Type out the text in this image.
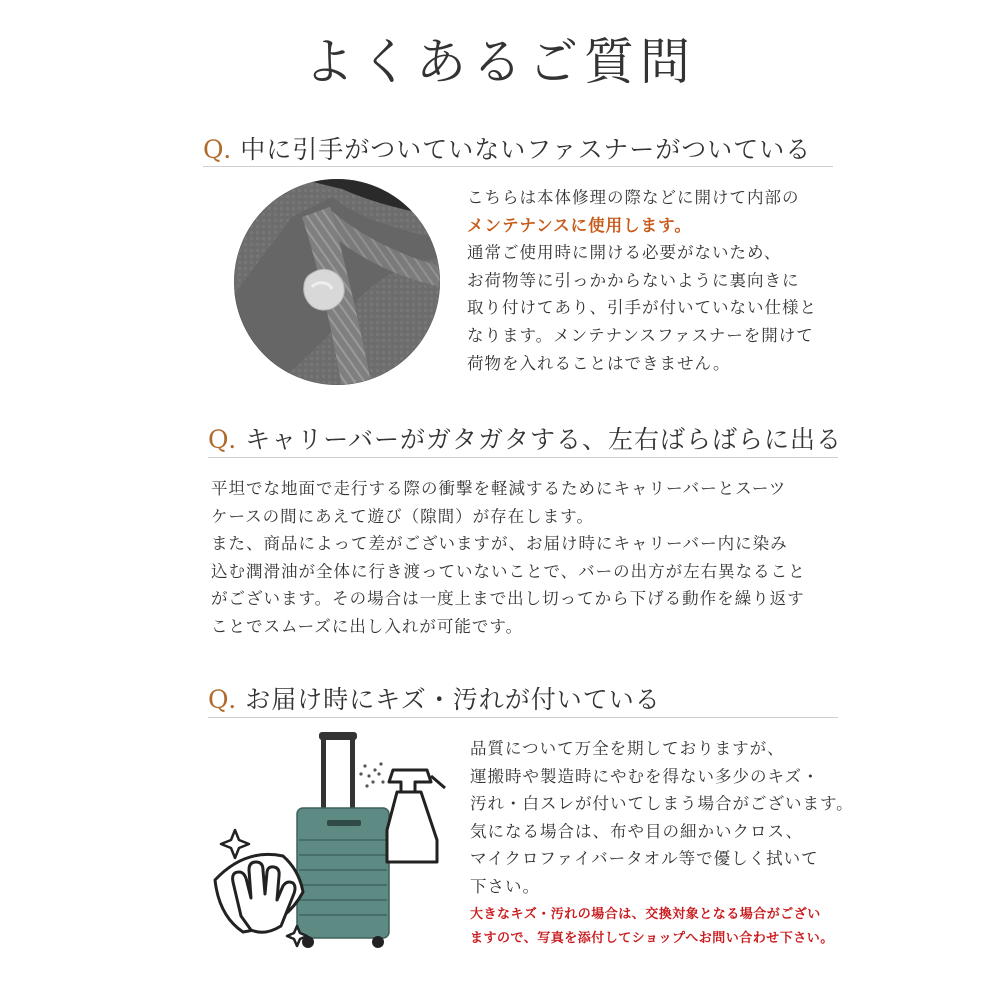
よくあるご質問
Q. 中に引手がついていないファスナーがついている
こちらは本体修理の際などに開けて内部の
メンテナンスに使用します。
通常ご使用時に開ける必要がないため、
お荷物等に引っかからないように裏向きに
取り付けてあり、引手が付いていない仕様と
なります。メンテナンスファスナーを開けて
荷物を入れることはできません。
Q. キャリーバーがガタガタする、左右ばらばらに出る
平坦でな地面で走行する際の衝撃を軽減するためにキャリーバーとスーツ
ケースの間にあえて遊び（隙間）が存在します。
また、商品によって差がございますが、お届け時にキャリーバー内に染み
込む潤滑油が全体に行き渡っていないことで、バーの出方が左右異なること
がございます。その場合は一度上まで出し切ってから下げる動作を繰り返す
ことでスムーズに出し入れが可能です。
Q. お届け時にキズ・汚れが付いている
品質について万全を期しておりますが、
運搬時や製造時にやむを得ない多少のキズ・
汚れ・白スレが付いてしまう場合がございます。
気になる場合は、布や目の細かいクロス、
マイクロファイバータオル等で優しく拭いて
下さい。
大きなキズ・汚れの場合は、交換対象となる場合がござい
ますので、写真を添付してショップへお問い合わせ下さい。
